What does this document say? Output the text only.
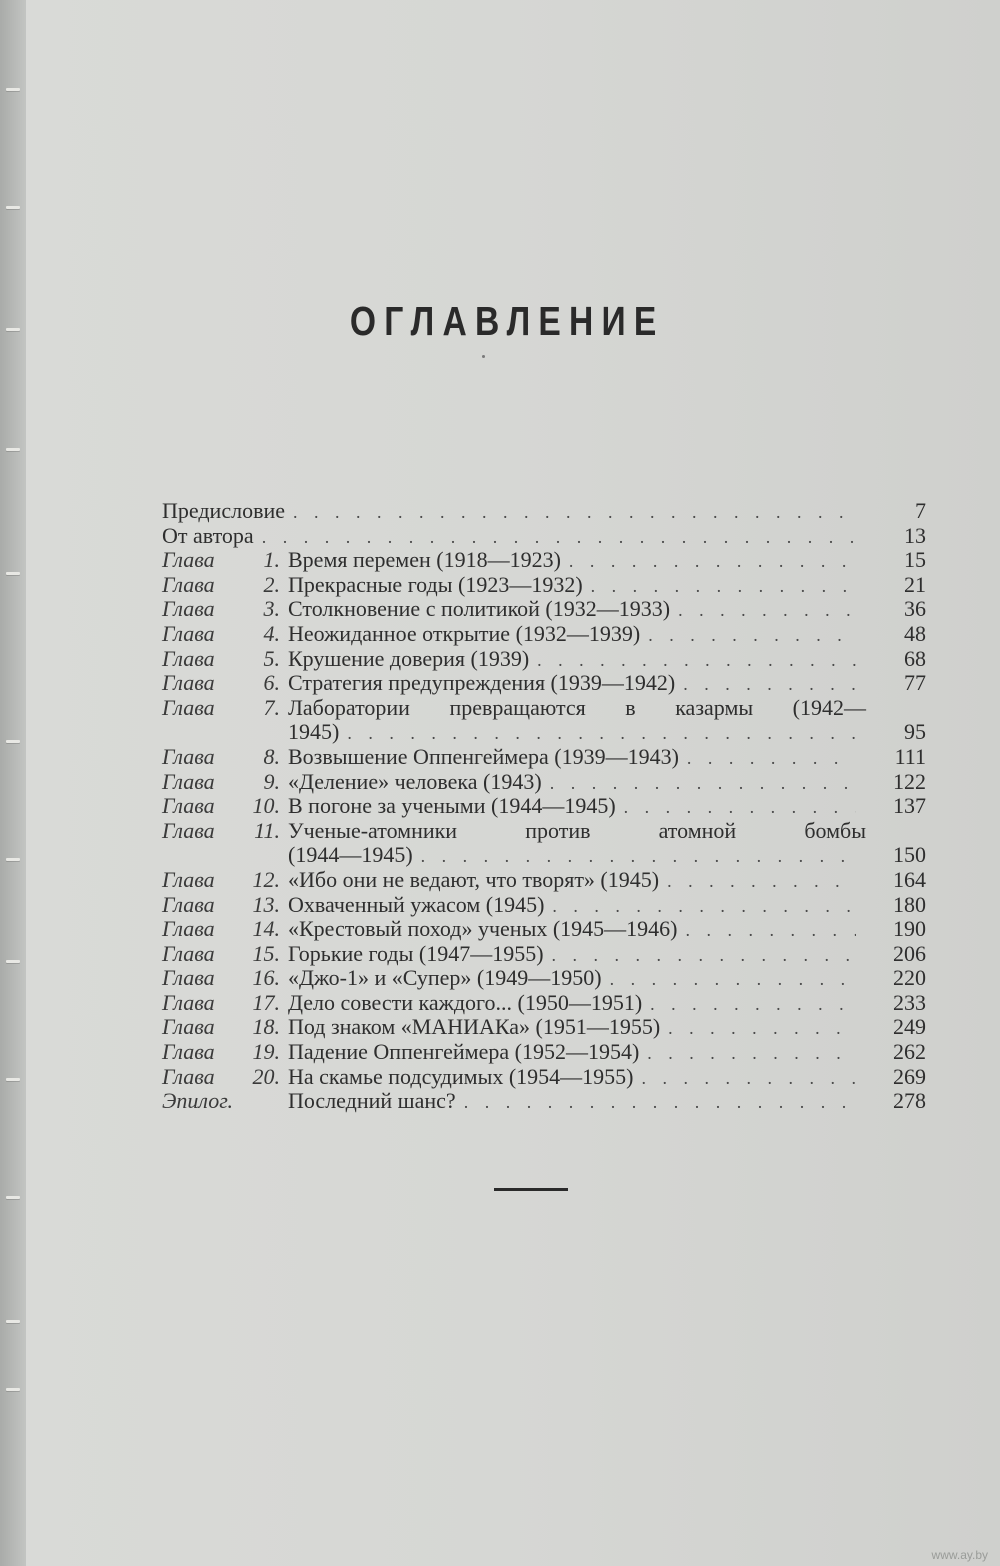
ОГЛАВЛЕНИЕ
Предисловие . . .	7
От автора . . .	13
Глава 1. Время перемен (1918—1923) . . .	15
Глава 2. Прекрасные годы (1923—1932) . . .	21
Глава 3. Столкновение с политикой (1932—1933) . . .	36
Глава 4. Неожиданное открытие (1932—1939) . . .	48
Глава 5. Крушение доверия (1939) . . .	68
Глава 6. Стратегия предупреждения (1939—1942) . . .	77
Глава 7. Лаборатории превращаются в казармы (1942—
1945) . . .	95
Глава 8. Возвышение Оппенгеймера (1939—1943) . . .	111
Глава 9. «Деление» человека (1943) . . .	122
Глава 10. В погоне за учеными (1944—1945) . . .	137
Глава 11. Ученые-атомники против атомной бомбы
(1944—1945) . . .	150
Глава 12. «Ибо они не ведают, что творят» (1945) . . .	164
Глава 13. Охваченный ужасом (1945) . . .	180
Глава 14. «Крестовый поход» ученых (1945—1946) . . .	190
Глава 15. Горькие годы (1947—1955) . . .	206
Глава 16. «Джо-1» и «Супер» (1949—1950) . . .	220
Глава 17. Дело совести каждого... (1950—1951) . . .	233
Глава 18. Под знаком «МАНИАКа» (1951—1955) . . .	249
Глава 19. Падение Оппенгеймера (1952—1954) . . .	262
Глава 20. На скамье подсудимых (1954—1955) . . .	269
Эпилог.	Последний шанс? . . .	278
www.ay.by
